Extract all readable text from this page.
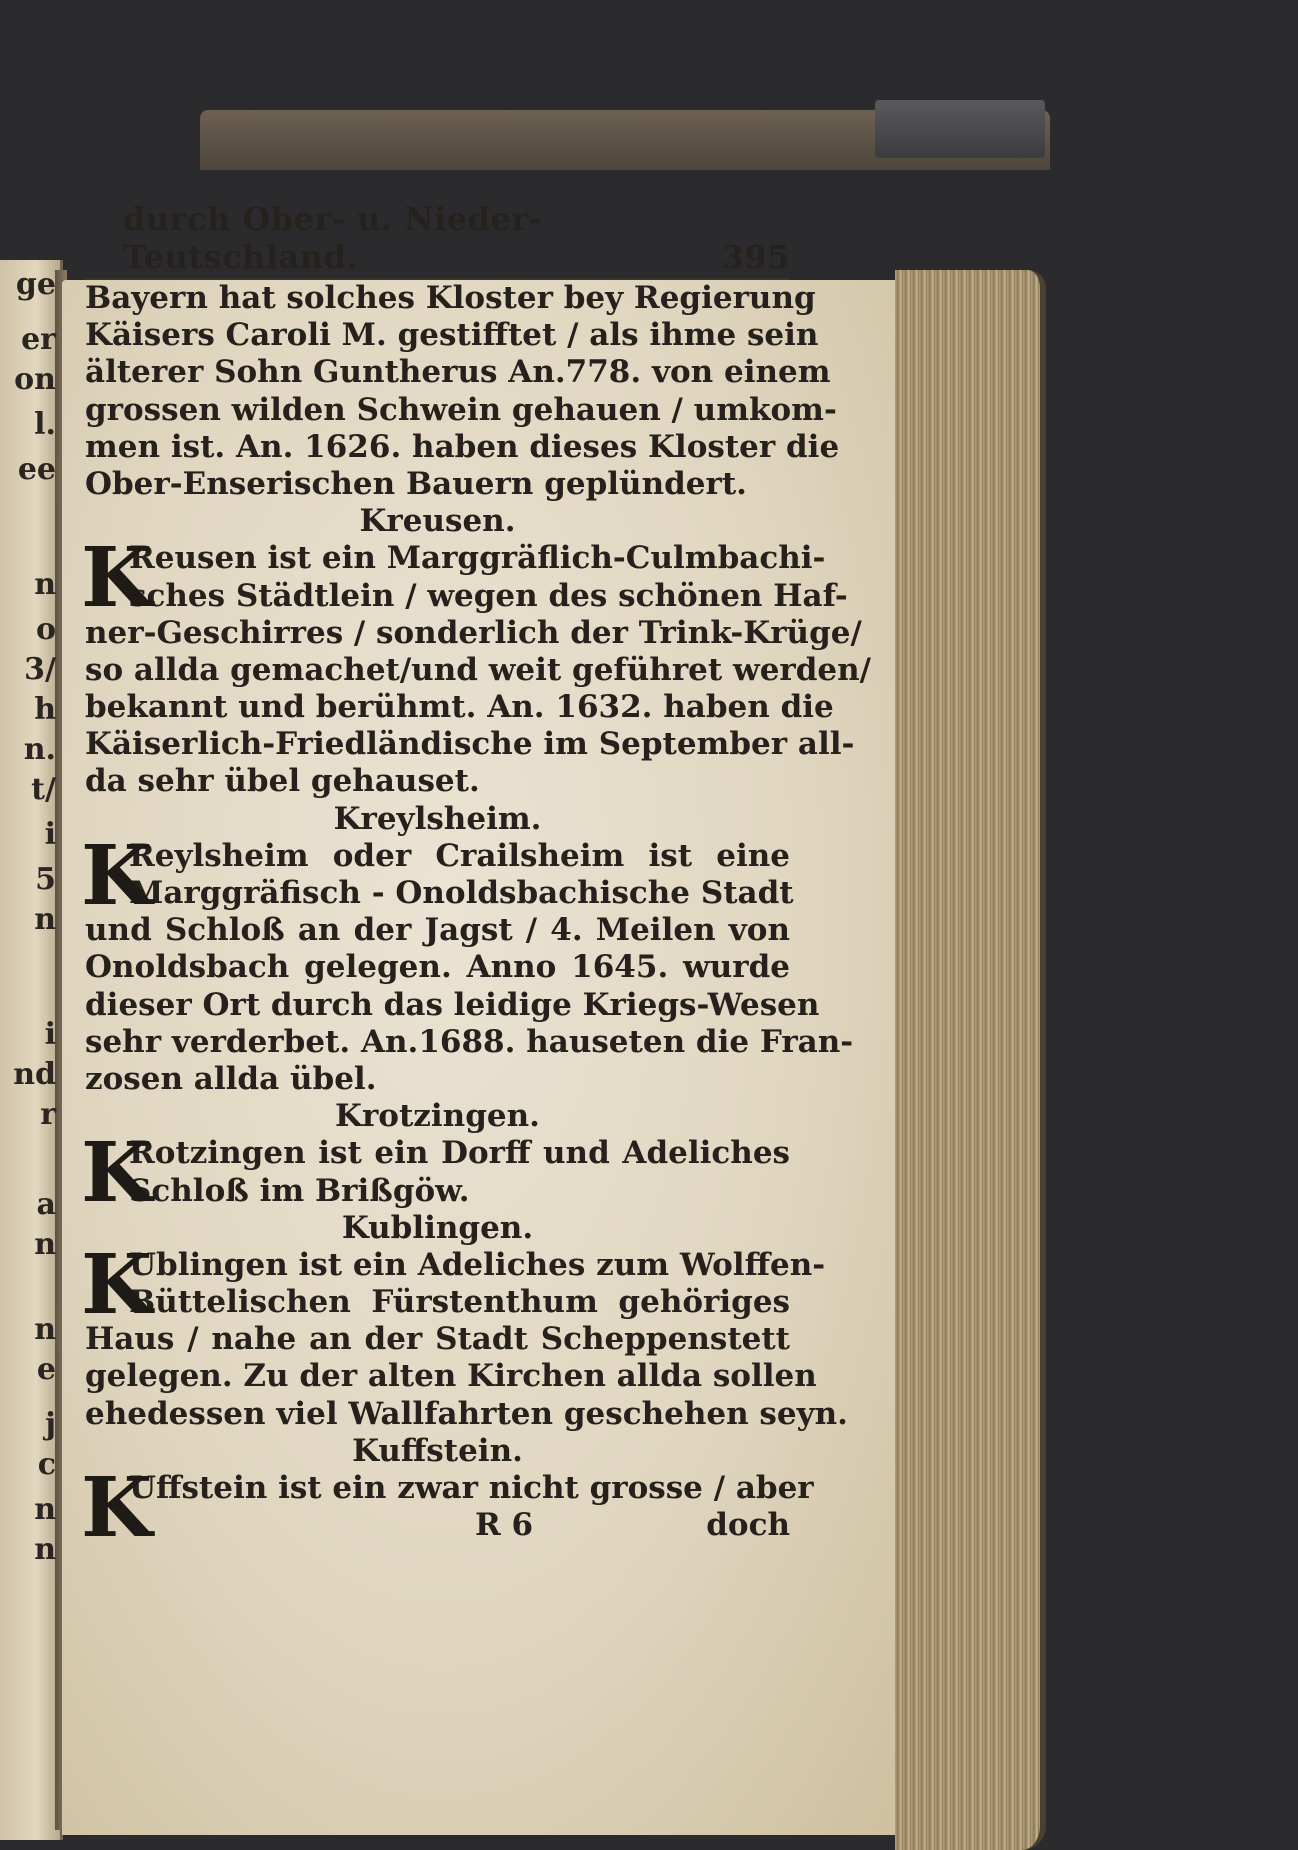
ge
er
on
l.
ee
n
o
3/
h
n.
t/
i
5
n
i
nd
r
a
n
n
e
j
c
n
n
durch Ober- u. Nieder-Teutschland.	395
Bayern hat solches Kloster bey Regierung
Käisers Caroli M. gestifftet / als ihme sein
älterer Sohn Guntherus An.778. von einem
grossen wilden Schwein gehauen / umkom-
men ist. An. 1626. haben dieses Kloster die
Ober-Enserischen Bauern geplündert.
Kreusen.
K
Reusen ist ein Marggräflich-Culmbachi-
sches Städtlein / wegen des schönen Haf-
ner-Geschirres / sonderlich der Trink-Krüge/
so allda gemachet/und weit geführet werden/
bekannt und berühmt. An. 1632. haben die
Käiserlich-Friedländische im September all-
da sehr übel gehauset.
Kreylsheim.
K
Reylsheim oder Crailsheim ist eine
Marggräfisch - Onoldsbachische Stadt
und Schloß an der Jagst / 4. Meilen von
Onoldsbach gelegen. Anno 1645. wurde
dieser Ort durch das leidige Kriegs-Wesen
sehr verderbet. An.1688. hauseten die Fran-
zosen allda übel.
Krotzingen.
K
Rotzingen ist ein Dorff und Adeliches
Schloß im Brißgöw.
Kublingen.
K
Ublingen ist ein Adeliches zum Wolffen-
Büttelischen Fürstenthum gehöriges
Haus / nahe an der Stadt Scheppenstett
gelegen. Zu der alten Kirchen allda sollen
ehedessen viel Wallfahrten geschehen seyn.
Kuffstein.
K
Uffstein ist ein zwar nicht grosse / aber
R 6	doch
